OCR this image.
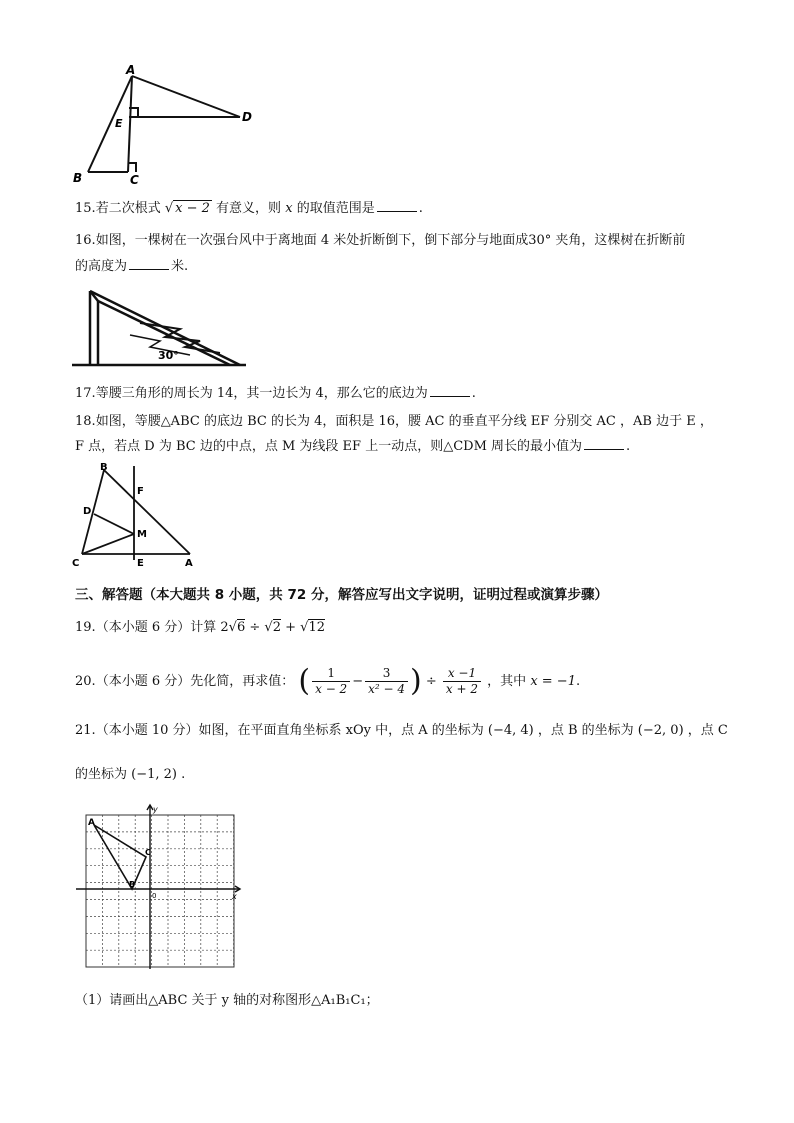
A
B	C
D
E
15.若二次根式 √ x − 2 有意义，则 x 的取值范围是	.
16.如图，一棵树在一次强台风中于离地面 4 米处折断倒下，倒下部分与地面成30° 夹角，这棵树在折断前
的高度为	米.
30°
17.等腰三角形的周长为 14，其一边长为 4，那么它的底边为	.
18.如图，等腰△ABC 的底边 BC 的长为 4，面积是 16，腰 AC 的垂直平分线 EF 分别交 AC ，AB 边于 E ，
F 点，若点 D 为 BC 边的中点，点 M 为线段 EF 上一动点，则△CDM 周长的最小值为	.
B
F
D
M
C	E	A
三、解答题（本大题共 8 小题，共 72 分，解答应写出文字说明，证明过程或演算步骤）
19.（本小题 6 分）计算 2√6 ÷ √2 + √12
20.（本小题 6 分）先化简，再求值： ( $\frac{1}{x - 2} - \frac{3}{\text{x² − 4}}$ ) ÷ $\frac{x -1}{x + 2}$ ，其中 x = −1.
21.（本小题 10 分）如图，在平面直角坐标系 xOy 中，点 A 的坐标为 (−4, 4) ，点 B 的坐标为 (−2, 0) ，点 C
的坐标为 (−1, 2) .
x
y
0
A
B
C
（1）请画出△ABC 关于 y 轴的对称图形△A₁B₁C₁；
